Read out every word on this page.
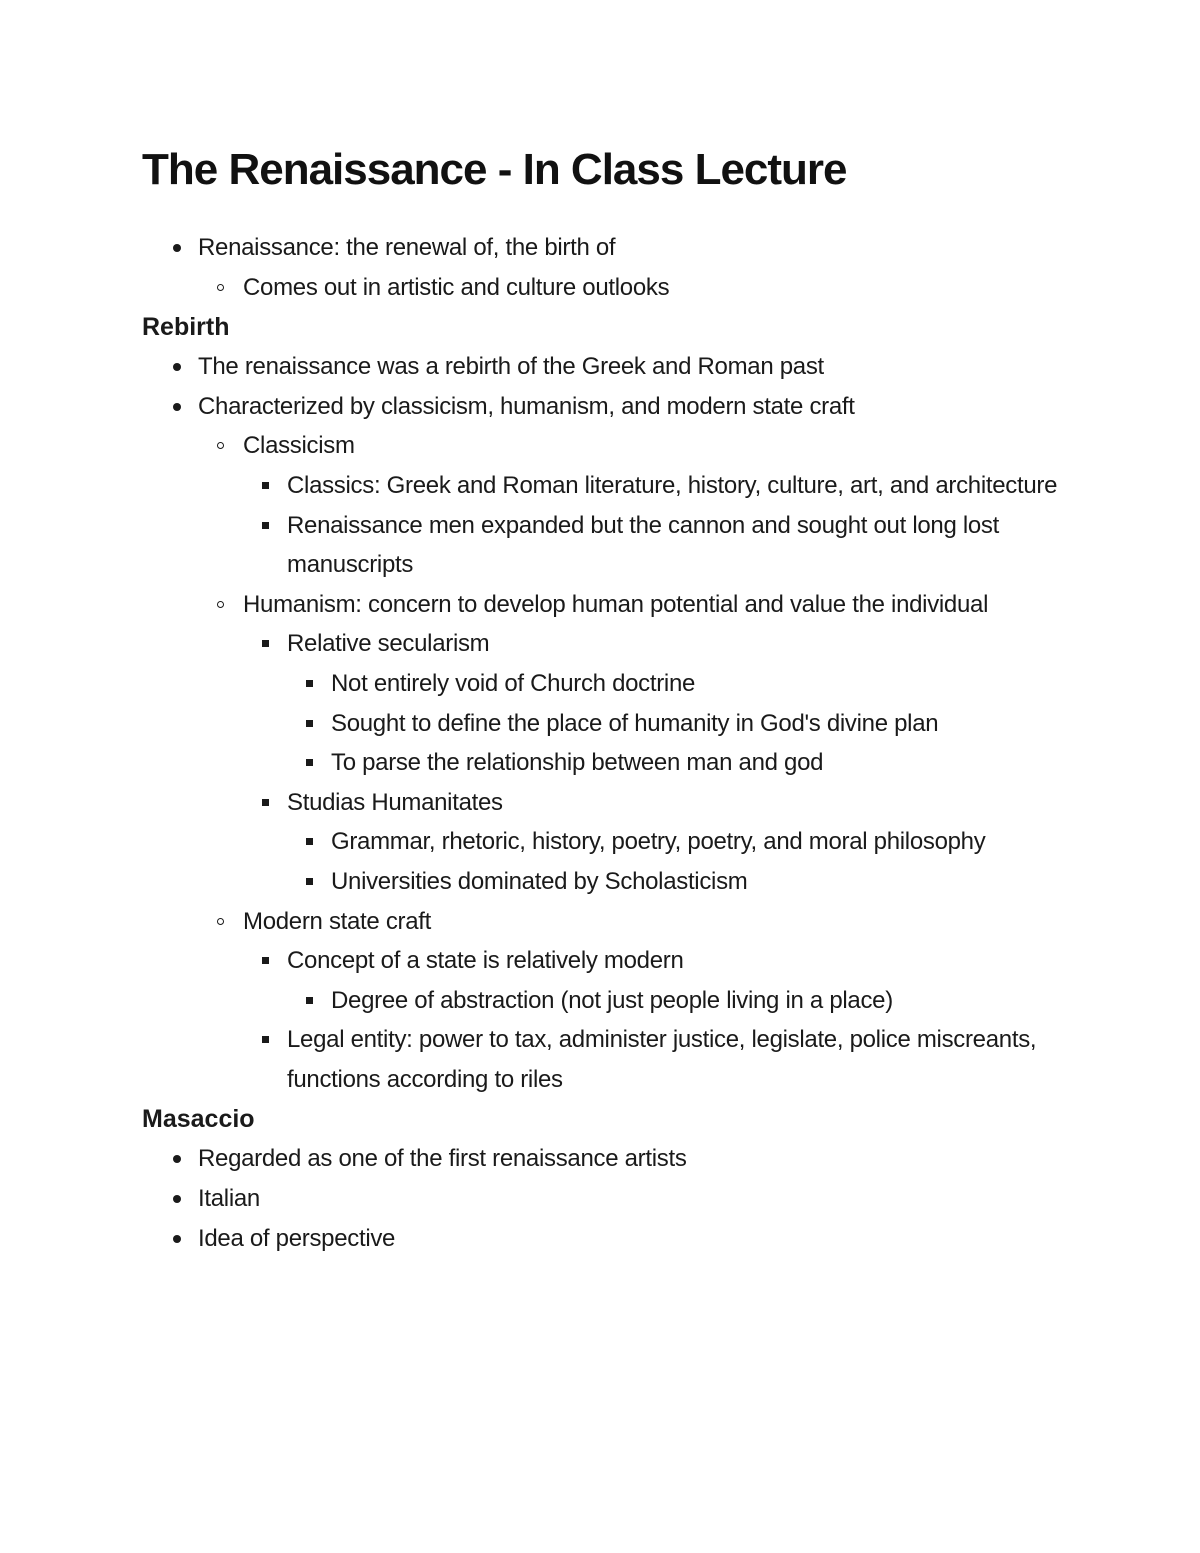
The Renaissance - In Class Lecture
Renaissance: the renewal of, the birth of
Comes out in artistic and culture outlooks
Rebirth
The renaissance was a rebirth of the Greek and Roman past
Characterized by classicism, humanism, and modern state craft
Classicism
Classics: Greek and Roman literature, history, culture, art, and architecture
Renaissance men expanded but the cannon and sought out long lost manuscripts
Humanism: concern to develop human potential and value the individual
Relative secularism
Not entirely void of Church doctrine
Sought to define the place of humanity in God's divine plan
To parse the relationship between man and god
Studias Humanitates
Grammar, rhetoric, history, poetry, poetry, and moral philosophy
Universities dominated by Scholasticism
Modern state craft
Concept of a state is relatively modern
Degree of abstraction (not just people living in a place)
Legal entity: power to tax, administer justice, legislate, police miscreants, functions according to riles
Masaccio
Regarded as one of the first renaissance artists
Italian
Idea of perspective
